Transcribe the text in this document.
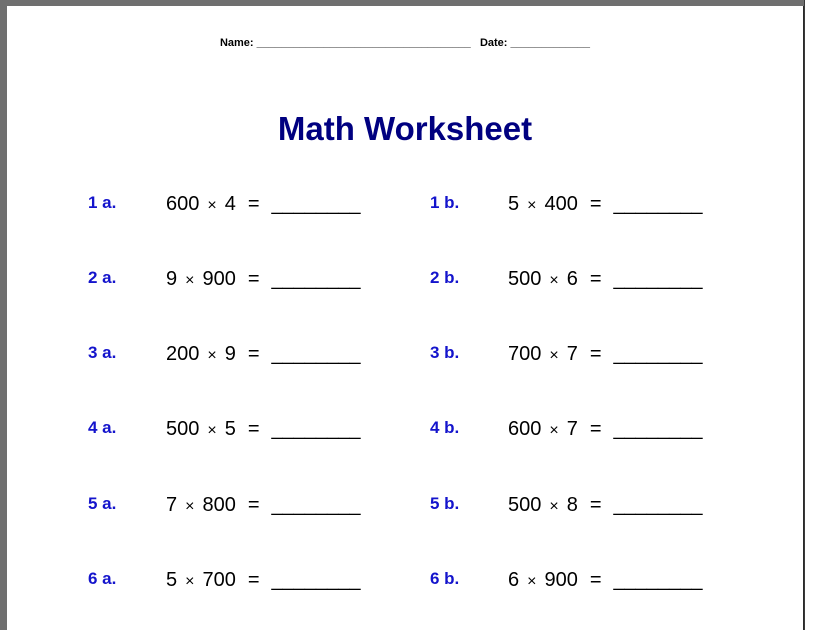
Name: ___________________________________ Date: _____________
Math Worksheet
1 a. 600 × 4 = ________	1 b. 5 × 400 = ________
2 a. 9 × 900 = ________	2 b. 500 × 6 = ________
3 a. 200 × 9 = ________	3 b. 700 × 7 = ________
4 a. 500 × 5 = ________	4 b. 600 × 7 = ________
5 a. 7 × 800 = ________	5 b. 500 × 8 = ________
6 a. 5 × 700 = ________	6 b. 6 × 900 = ________
